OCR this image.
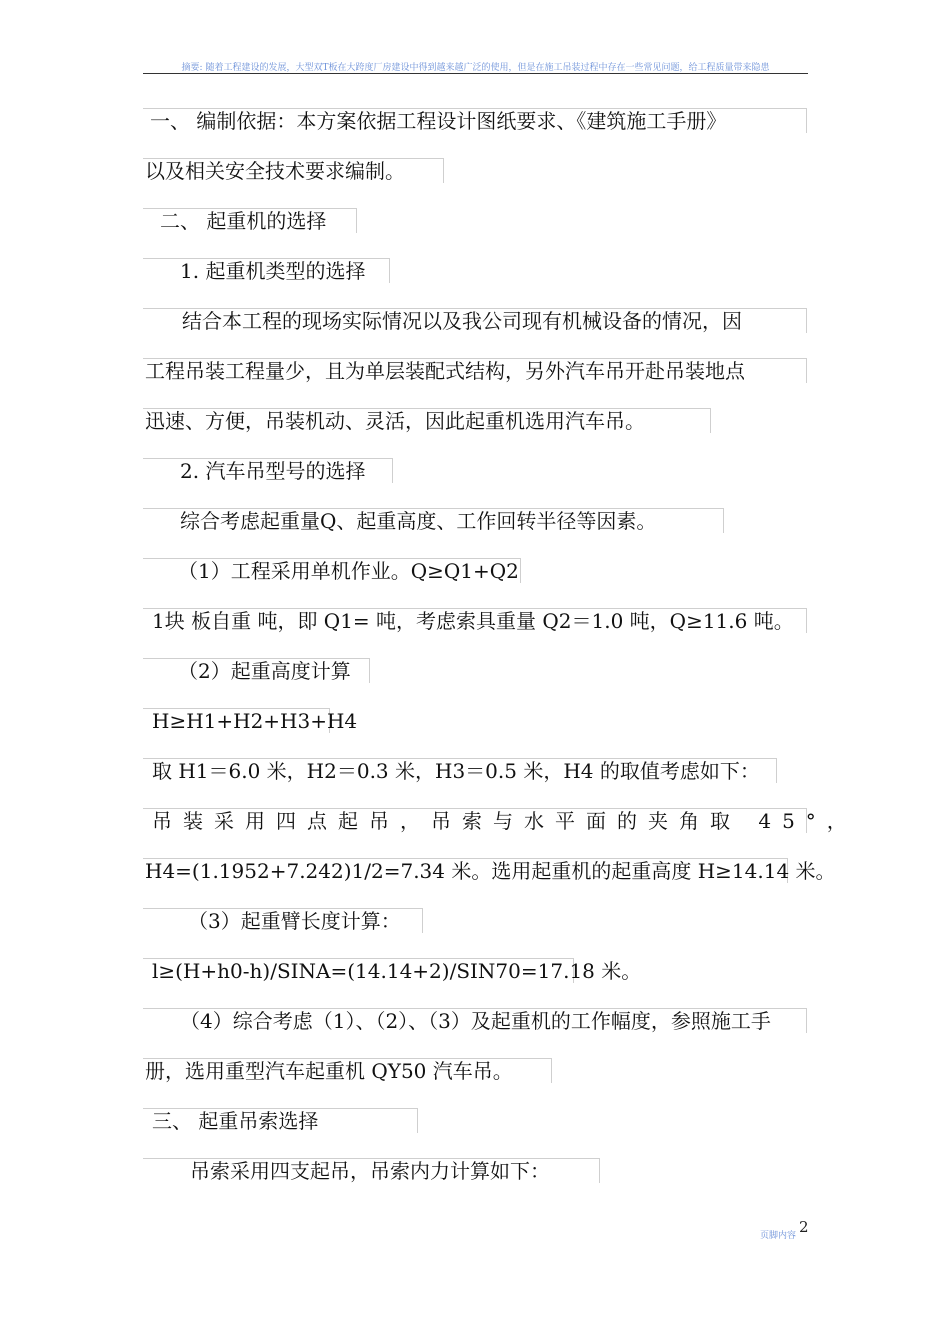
摘要: 随着工程建设的发展，大型双T板在大跨度厂房建设中得到越来越广泛的使用，但是在施工吊装过程中存在一些常见问题，给工程质量带来隐患
一、 编制依据：本方案依据工程设计图纸要求、《建筑施工手册》
以及相关安全技术要求编制。
二、 起重机的选择
1. 起重机类型的选择
结合本工程的现场实际情况以及我公司现有机械设备的情况，因
工程吊装工程量少，且为单层装配式结构，另外汽车吊开赴吊装地点
迅速、方便，吊装机动、灵活，因此起重机选用汽车吊。
2. 汽车吊型号的选择
综合考虑起重量Q、起重高度、工作回转半径等因素。
（1）工程采用单机作业。Q≥Q1+Q2
1块 板自重 吨，即 Q1= 吨，考虑索具重量 Q2＝1.0 吨，Q≥11.6 吨。
（2）起重高度计算
H≥H1+H2+H3+H4
取 H1＝6.0 米，H2＝0.3 米，H3＝0.5 米，H4 的取值考虑如下：
吊装采用四点起吊，吊索与水平面的夹角取 45°，
H4=(1.1952+7.242)1/2=7.34 米。选用起重机的起重高度 H≥14.14 米。
（3）起重臂长度计算：
l≥(H+h0-h)/SINA=(14.14+2)/SIN70=17.18 米。
（4）综合考虑（1）、（2）、（3）及起重机的工作幅度，参照施工手
册，选用重型汽车起重机 QY50 汽车吊。
三、 起重吊索选择
吊索采用四支起吊，吊索内力计算如下：
页脚内容 2
